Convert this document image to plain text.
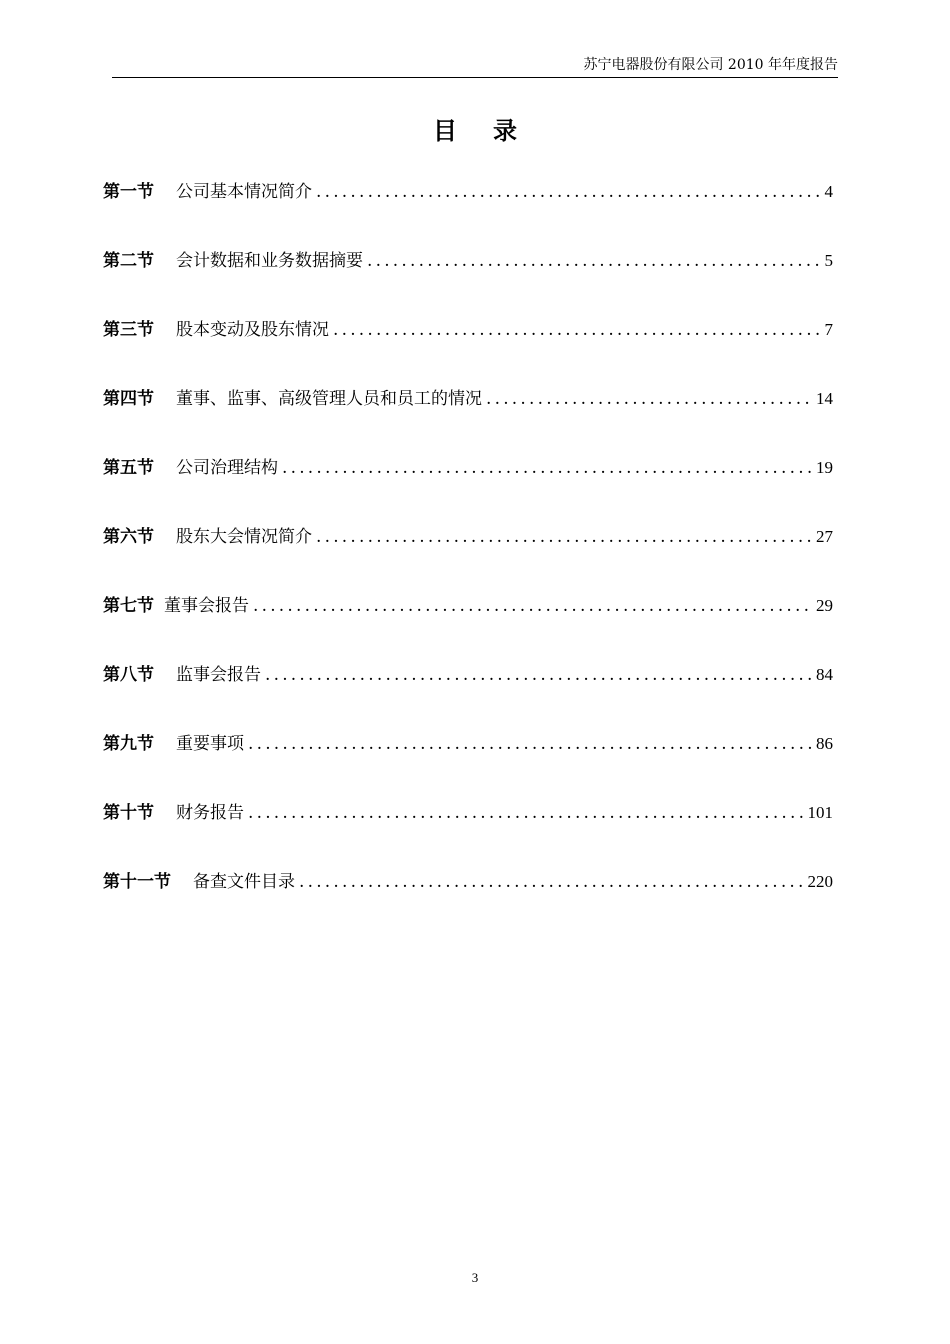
苏宁电器股份有限公司 2010 年年度报告
目录
第一节 公司基本情况简介 .....	4
第二节 会计数据和业务数据摘要 .....	5
第三节 股本变动及股东情况 .....	7
第四节 董事、监事、高级管理人员和员工的情况 .....	14
第五节 公司治理结构 .....	19
第六节 股东大会情况简介 .....	27
第七节 董事会报告 .....	29
第八节 监事会报告 .....	84
第九节 重要事项 .....	86
第十节 财务报告 .....	101
第十一节 备查文件目录 .....	220
3
